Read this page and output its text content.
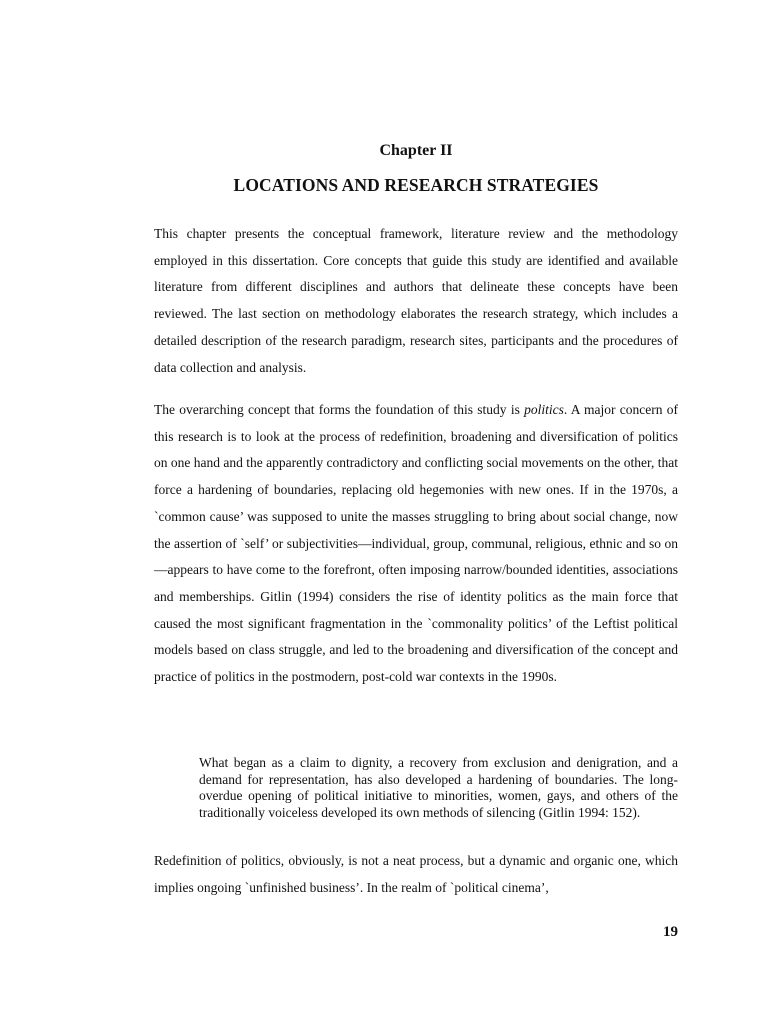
Chapter II
LOCATIONS AND RESEARCH STRATEGIES

This chapter presents the conceptual framework, literature review and the methodology employed in this dissertation. Core concepts that guide this study are identified and available literature from different disciplines and authors that delineate these concepts have been reviewed. The last section on methodology elaborates the research strategy, which includes a detailed description of the research paradigm, research sites, participants and the procedures of data collection and analysis.

The overarching concept that forms the foundation of this study is politics. A major concern of this research is to look at the process of redefinition, broadening and diversification of politics on one hand and the apparently contradictory and conflicting social movements on the other, that force a hardening of boundaries, replacing old hegemonies with new ones. If in the 1970s, a `common cause’ was supposed to unite the masses struggling to bring about social change, now the assertion of `self’ or subjectivities—individual, group, communal, religious, ethnic and so on—appears to have come to the forefront, often imposing narrow/bounded identities, associations and memberships. Gitlin (1994) considers the rise of identity politics as the main force that caused the most significant fragmentation in the `commonality politics’ of the Leftist political models based on class struggle, and led to the broadening and diversification of the concept and practice of politics in the postmodern, post-cold war contexts in the 1990s.

What began as a claim to dignity, a recovery from exclusion and denigration, and a demand for representation, has also developed a hardening of boundaries. The long- overdue opening of political initiative to minorities, women, gays, and others of the traditionally voiceless developed its own methods of silencing (Gitlin 1994: 152).

Redefinition of politics, obviously, is not a neat process, but a dynamic and organic one, which implies ongoing `unfinished business’. In the realm of `political cinema’,

19
